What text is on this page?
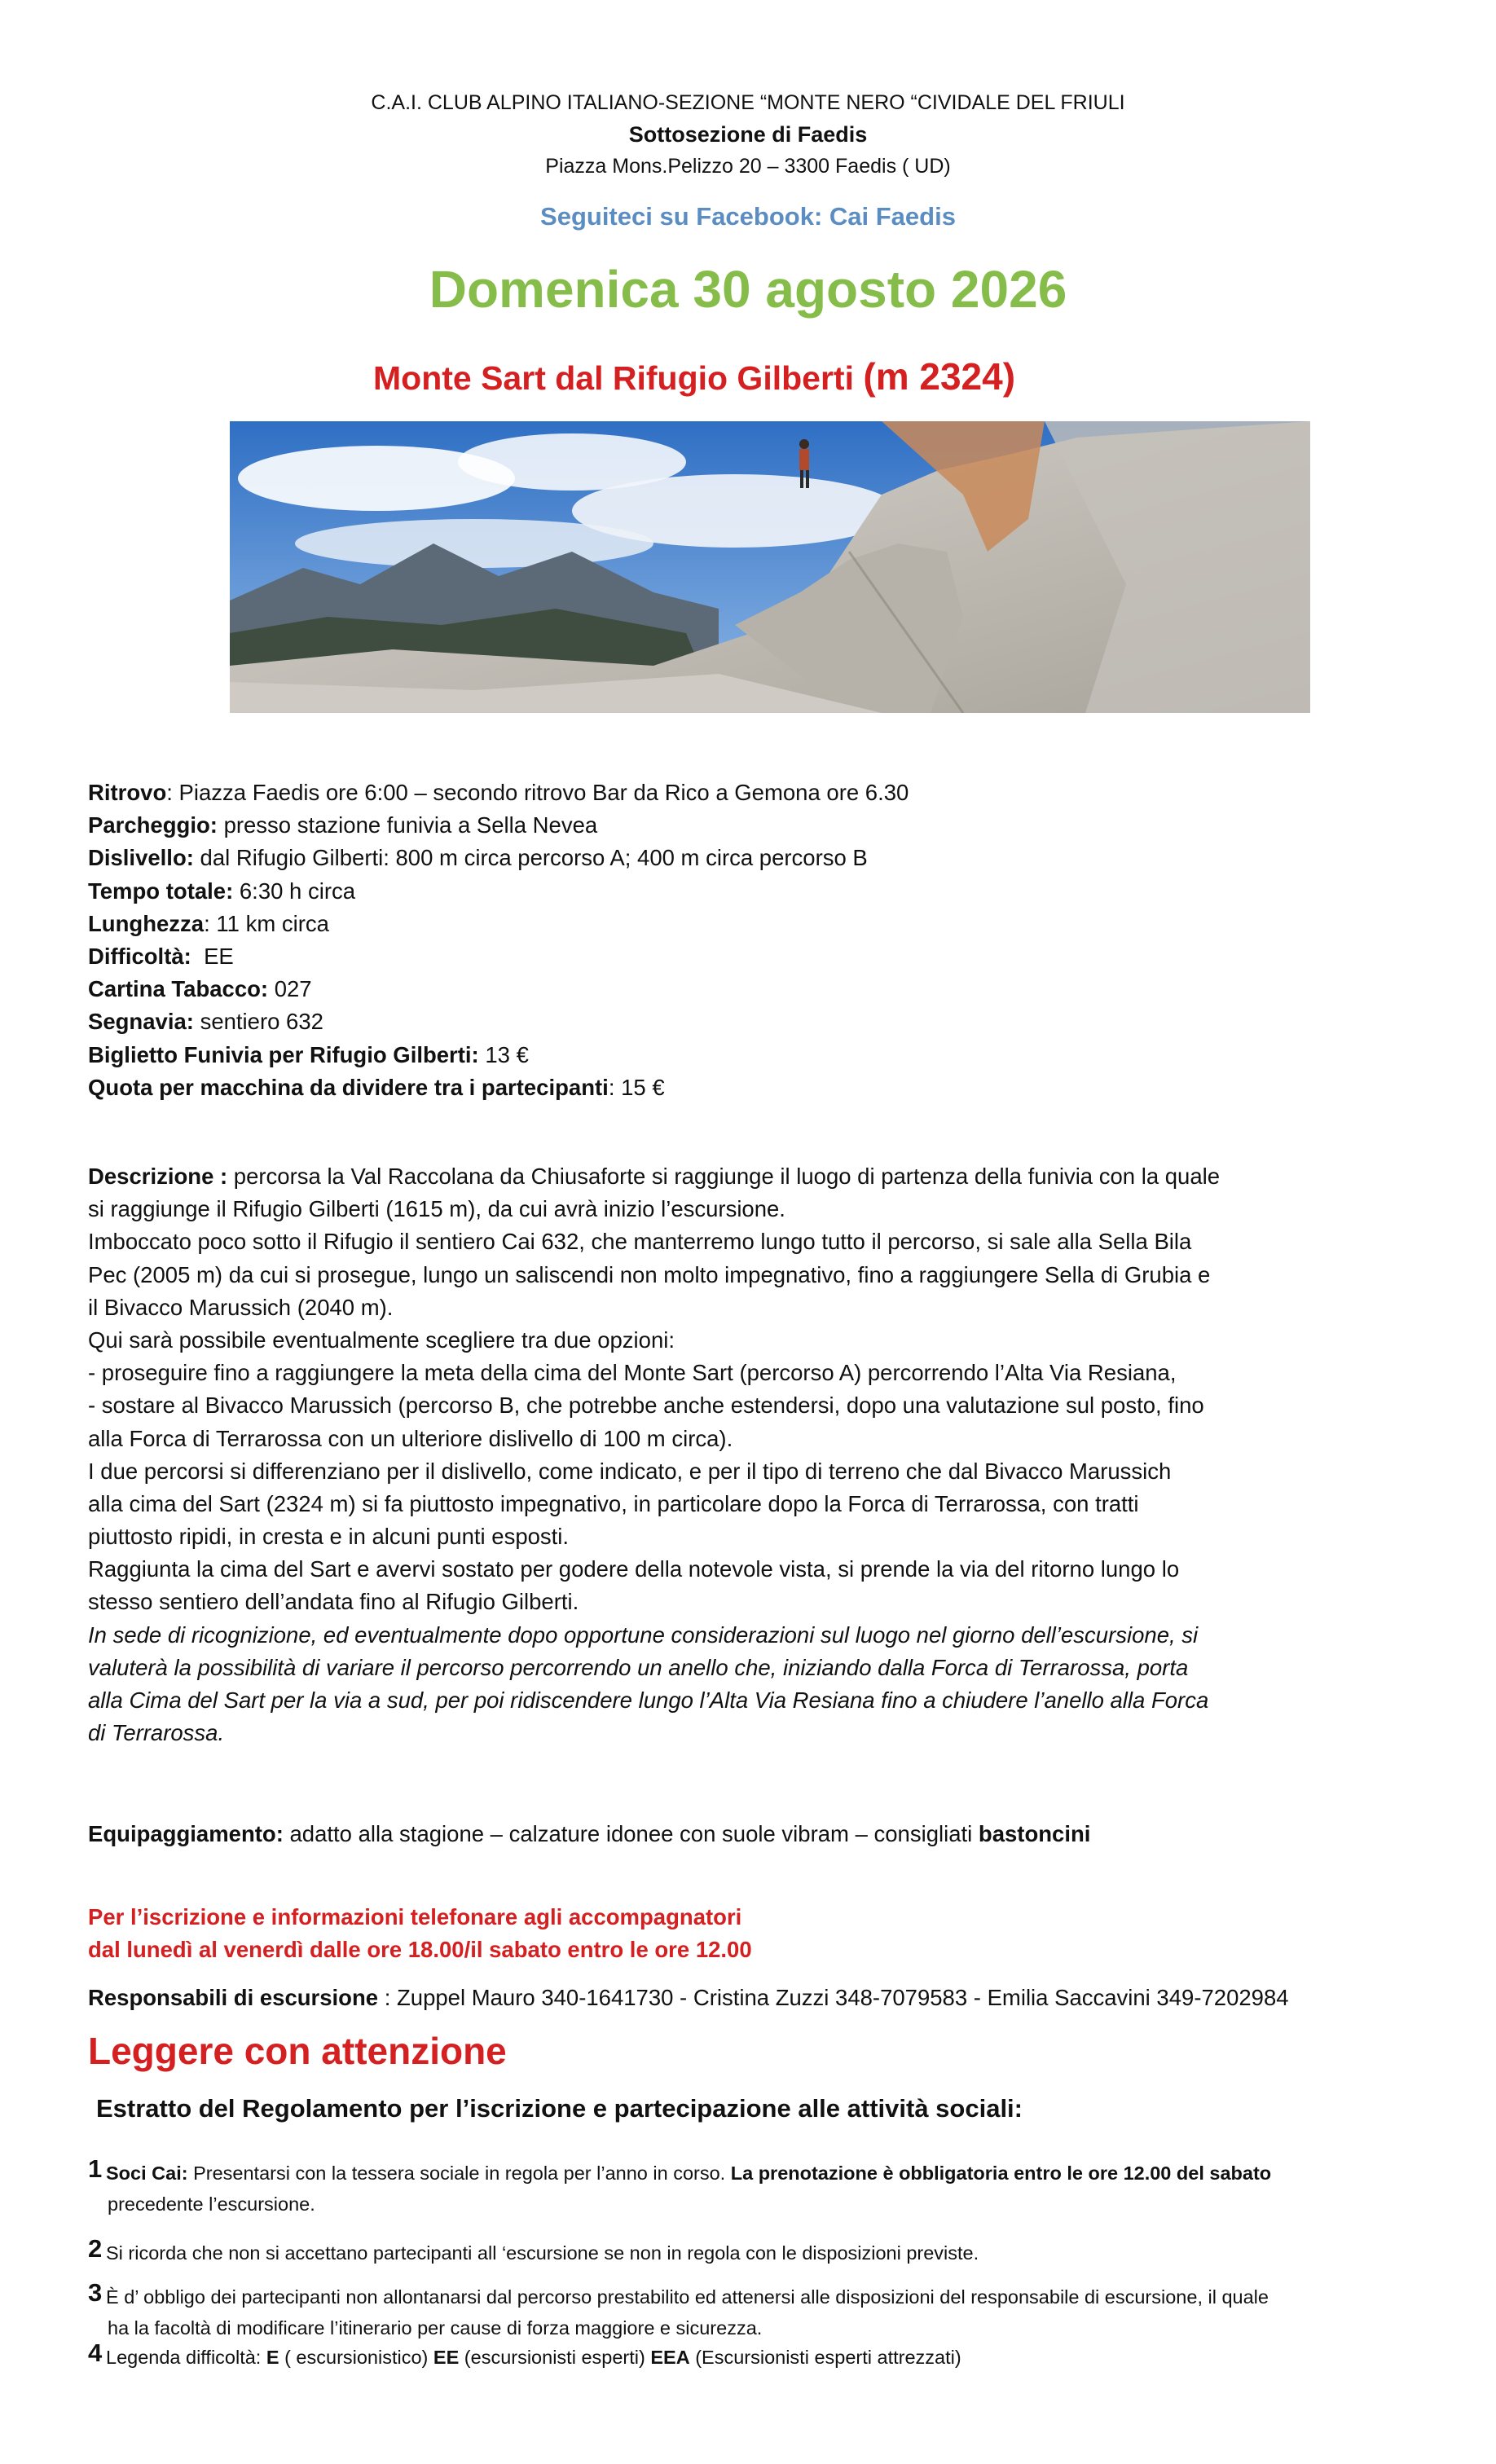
C.A.I. CLUB ALPINO ITALIANO-SEZIONE “MONTE NERO “CIVIDALE DEL FRIULI
Sottosezione di Faedis
Piazza Mons.Pelizzo 20 – 3300 Faedis ( UD)
Seguiteci su Facebook: Cai Faedis
Domenica 30 agosto 2026
Monte Sart dal Rifugio Gilberti (m 2324)
Ritrovo: Piazza Faedis ore 6:00 – secondo ritrovo Bar da Rico a Gemona ore 6.30
Parcheggio: presso stazione funivia a Sella Nevea
Dislivello: dal Rifugio Gilberti: 800 m circa percorso A; 400 m circa percorso B
Tempo totale: 6:30 h circa
Lunghezza: 11 km circa
Difficoltà: EE
Cartina Tabacco: 027
Segnavia: sentiero 632
Biglietto Funivia per Rifugio Gilberti: 13 €
Quota per macchina da dividere tra i partecipanti: 15 €
Descrizione : percorsa la Val Raccolana da Chiusaforte si raggiunge il luogo di partenza della funivia con la quale
si raggiunge il Rifugio Gilberti (1615 m), da cui avrà inizio l’escursione.
Imboccato poco sotto il Rifugio il sentiero Cai 632, che manterremo lungo tutto il percorso, si sale alla Sella Bila
Pec (2005 m) da cui si prosegue, lungo un saliscendi non molto impegnativo, fino a raggiungere Sella di Grubia e
il Bivacco Marussich (2040 m).
Qui sarà possibile eventualmente scegliere tra due opzioni:
- proseguire fino a raggiungere la meta della cima del Monte Sart (percorso A) percorrendo l’Alta Via Resiana,
- sostare al Bivacco Marussich (percorso B, che potrebbe anche estendersi, dopo una valutazione sul posto, fino
alla Forca di Terrarossa con un ulteriore dislivello di 100 m circa).
I due percorsi si differenziano per il dislivello, come indicato, e per il tipo di terreno che dal Bivacco Marussich
alla cima del Sart (2324 m) si fa piuttosto impegnativo, in particolare dopo la Forca di Terrarossa, con tratti
piuttosto ripidi, in cresta e in alcuni punti esposti.
Raggiunta la cima del Sart e avervi sostato per godere della notevole vista, si prende la via del ritorno lungo lo
stesso sentiero dell’andata fino al Rifugio Gilberti.
In sede di ricognizione, ed eventualmente dopo opportune considerazioni sul luogo nel giorno dell’escursione, si
valuterà la possibilità di variare il percorso percorrendo un anello che, iniziando dalla Forca di Terrarossa, porta
alla Cima del Sart per la via a sud, per poi ridiscendere lungo l’Alta Via Resiana fino a chiudere l’anello alla Forca
di Terrarossa.
Equipaggiamento: adatto alla stagione – calzature idonee con suole vibram – consigliati bastoncini
Per l’iscrizione e informazioni telefonare agli accompagnatori
dal lunedì al venerdì dalle ore 18.00/il sabato entro le ore 12.00
Responsabili di escursione : Zuppel Mauro 340-1641730 - Cristina Zuzzi 348-7079583 - Emilia Saccavini 349-7202984
Leggere con attenzione
Estratto del Regolamento per l’iscrizione e partecipazione alle attività sociali:
1 Soci Cai: Presentarsi con la tessera sociale in regola per l’anno in corso. La prenotazione è obbligatoria entro le ore 12.00 del sabato
precedente l’escursione.
2 Si ricorda che non si accettano partecipanti all ‘escursione se non in regola con le disposizioni previste.
3 È d’ obbligo dei partecipanti non allontanarsi dal percorso prestabilito ed attenersi alle disposizioni del responsabile di escursione, il quale
ha la facoltà di modificare l’itinerario per cause di forza maggiore e sicurezza.
4 Legenda difficoltà: E ( escursionistico) EE (escursionisti esperti) EEA (Escursionisti esperti attrezzati)
